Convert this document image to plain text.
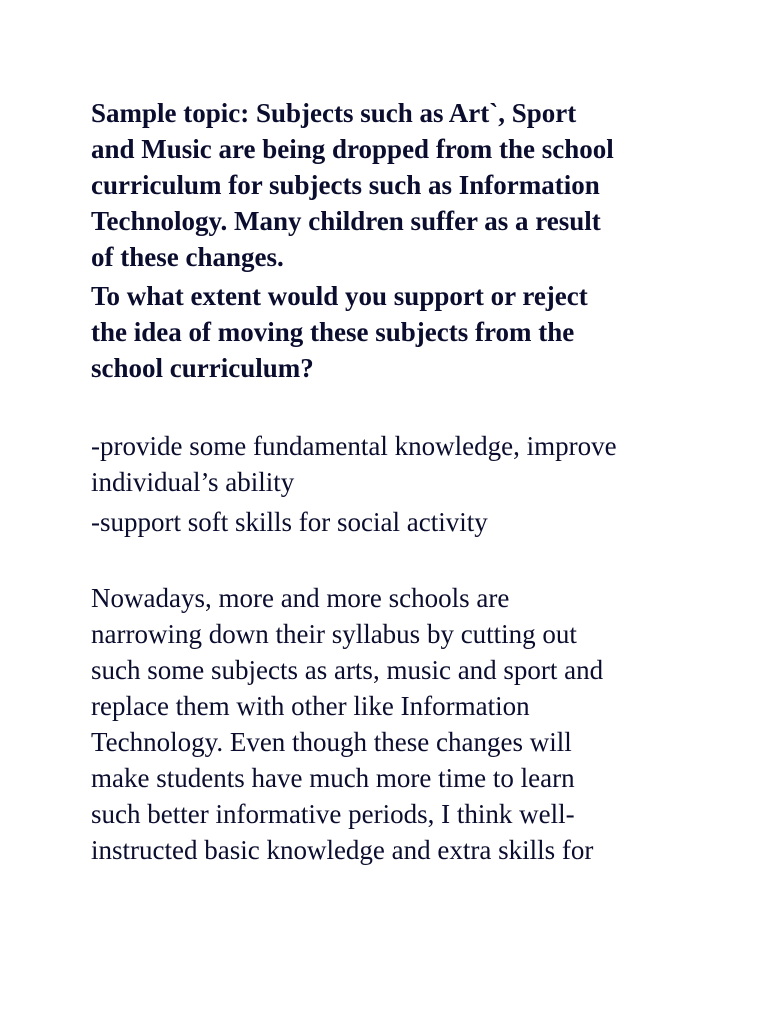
Sample topic: Subjects such as Art`, Sport
and Music are being dropped from the school
curriculum for subjects such as Information
Technology. Many children suffer as a result
of these changes.
To what extent would you support or reject
the idea of moving these subjects from the
school curriculum?
-provide some fundamental knowledge, improve
individual’s ability
-support soft skills for social activity
Nowadays, more and more schools are
narrowing down their syllabus by cutting out
such some subjects as arts, music and sport and
replace them with other like Information
Technology. Even though these changes will
make students have much more time to learn
such better informative periods, I think well-
instructed basic knowledge and extra skills for
